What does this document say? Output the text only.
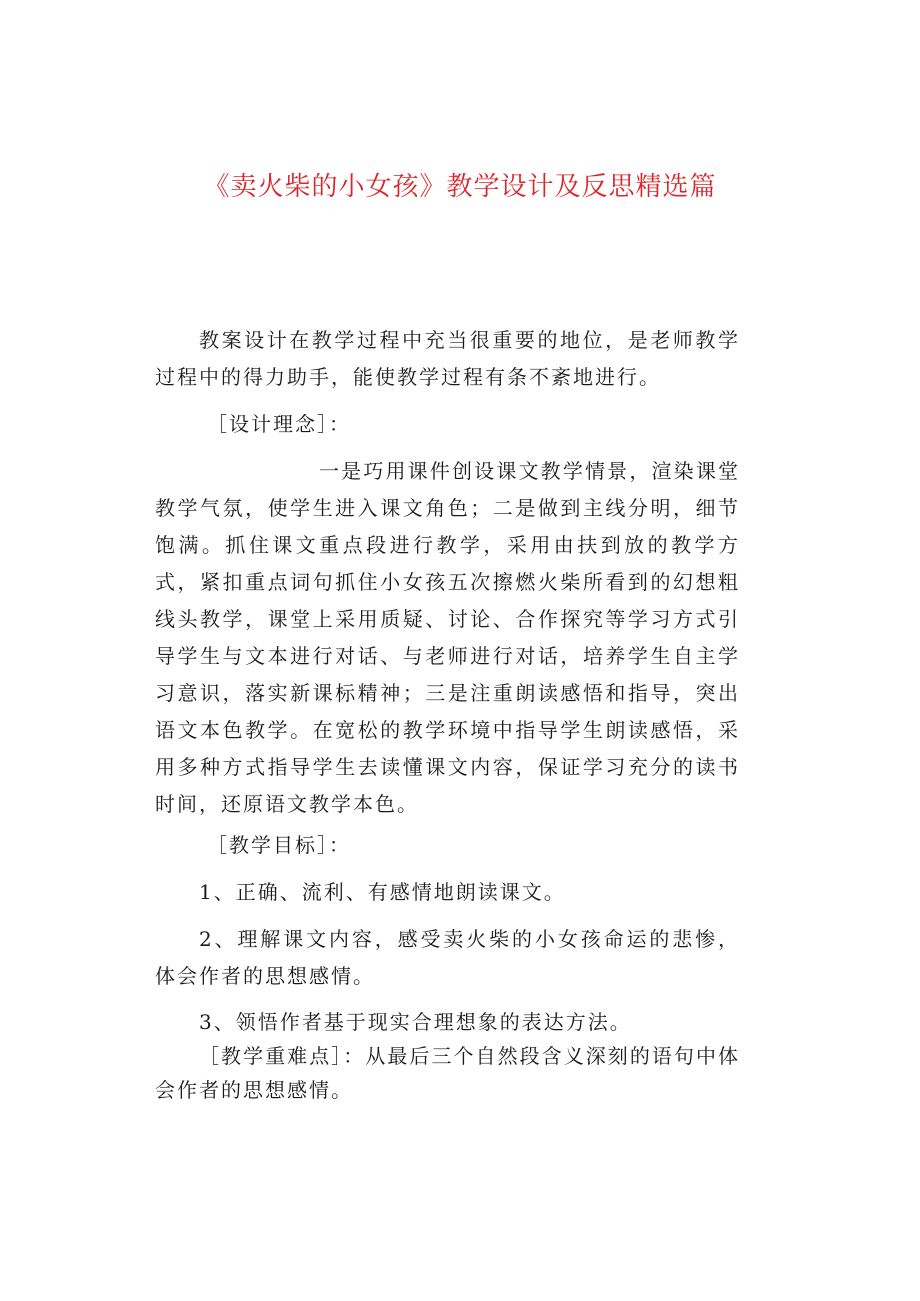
《卖火柴的小女孩》教学设计及反思精选篇

教案设计在教学过程中充当很重要的地位，是老师教学过程中的得力助手，能使教学过程有条不紊地进行。

［设计理念］：

一是巧用课件创设课文教学情景，渲染课堂教学气氛，使学生进入课文角色；二是做到主线分明，细节饱满。抓住课文重点段进行教学，采用由扶到放的教学方式，紧扣重点词句抓住小女孩五次擦燃火柴所看到的幻想粗线头教学，课堂上采用质疑、讨论、合作探究等学习方式引导学生与文本进行对话、与老师进行对话，培养学生自主学习意识，落实新课标精神；三是注重朗读感悟和指导，突出语文本色教学。在宽松的教学环境中指导学生朗读感悟，采用多种方式指导学生去读懂课文内容，保证学习充分的读书时间，还原语文教学本色。

［教学目标］：

1、正确、流利、有感情地朗读课文。

2、理解课文内容，感受卖火柴的小女孩命运的悲惨，体会作者的思想感情。

3、领悟作者基于现实合理想象的表达方法。

［教学重难点］：从最后三个自然段含义深刻的语句中体会作者的思想感情。
